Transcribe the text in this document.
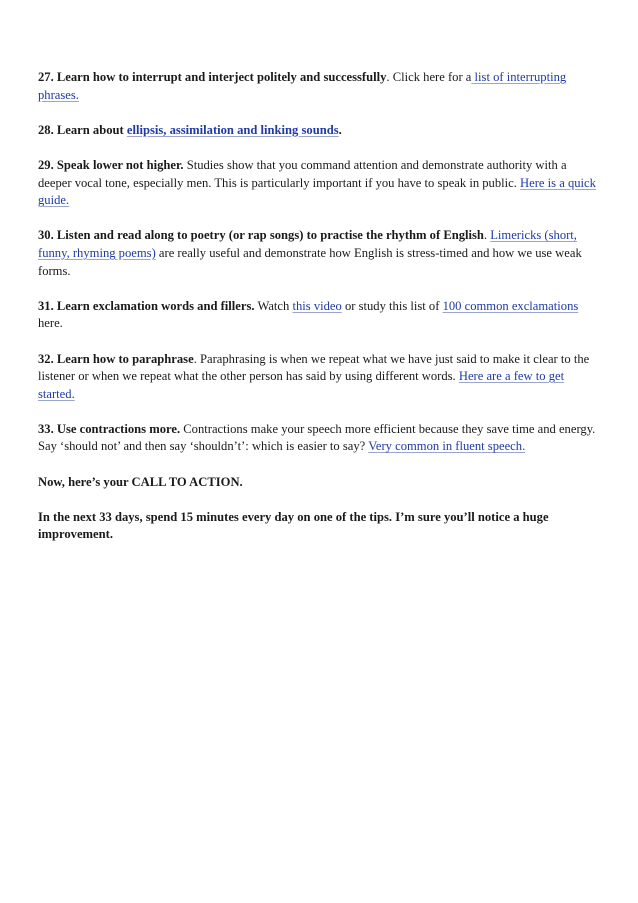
27. Learn how to interrupt and interject politely and successfully. Click here for a list of interrupting phrases.

28. Learn about ellipsis, assimilation and linking sounds.

29. Speak lower not higher. Studies show that you command attention and demonstrate authority with a deeper vocal tone, especially men. This is particularly important if you have to speak in public. Here is a quick guide.

30. Listen and read along to poetry (or rap songs) to practise the rhythm of English. Limericks (short, funny, rhyming poems) are really useful and demonstrate how English is stress-timed and how we use weak forms.

31. Learn exclamation words and fillers. Watch this video or study this list of 100 common exclamations here.

32. Learn how to paraphrase. Paraphrasing is when we repeat what we have just said to make it clear to the listener or when we repeat what the other person has said by using different words. Here are a few to get started.

33. Use contractions more. Contractions make your speech more efficient because they save time and energy. Say ‘should not’ and then say ‘shouldn’t’: which is easier to say? Very common in fluent speech.

Now, here’s your CALL TO ACTION.

In the next 33 days, spend 15 minutes every day on one of the tips. I’m sure you’ll notice a huge improvement.
